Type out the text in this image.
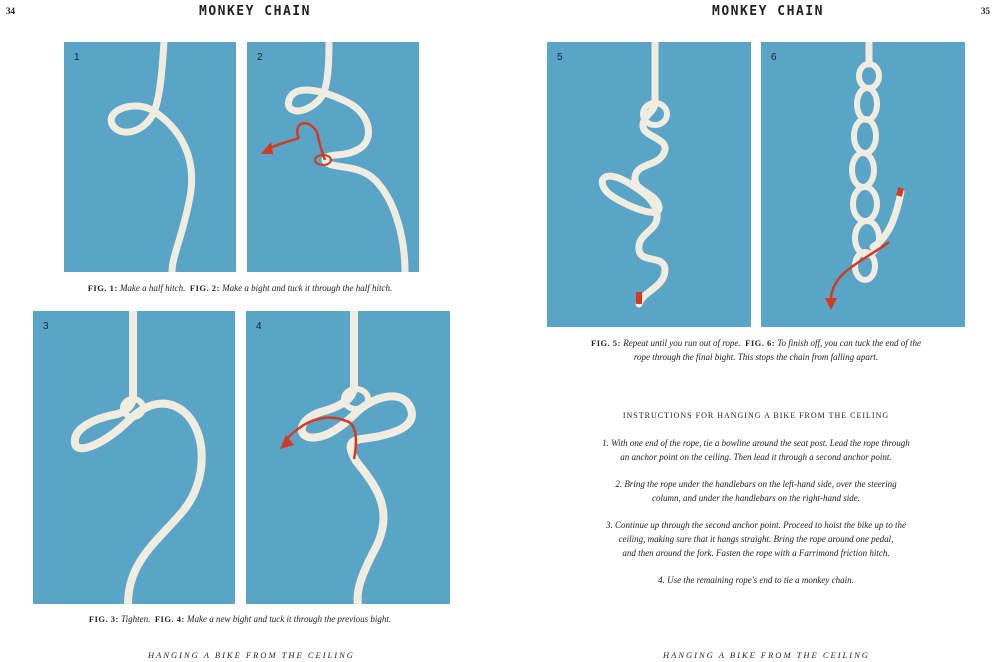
34	MONKEY CHAIN
1	2
FIG. 1: Make a half hitch. FIG. 2: Make a bight and tuck it through the half hitch.
3	4
FIG. 3: Tighten. FIG. 4: Make a new bight and tuck it through the previous bight.
HANGING A BIKE FROM THE CEILING
MONKEY CHAIN	35
5	6
FIG. 5: Repeat until you run out of rope. FIG. 6: To finish off, you can tuck the end of the
rope through the final bight. This stops the chain from falling apart.
INSTRUCTIONS FOR HANGING A BIKE FROM THE CEILING
1. With one end of the rope, tie a bowline around the seat post. Lead the rope through
an anchor point on the ceiling. Then lead it through a second anchor point.
2. Bring the rope under the handlebars on the left-hand side, over the steering
column, and under the handlebars on the right-hand side.
3. Continue up through the second anchor point. Proceed to hoist the bike up to the
ceiling, making sure that it hangs straight. Bring the rope around one pedal,
and then around the fork. Fasten the rope with a Farrimond friction hitch.
4. Use the remaining rope's end to tie a monkey chain.
HANGING A BIKE FROM THE CEILING
